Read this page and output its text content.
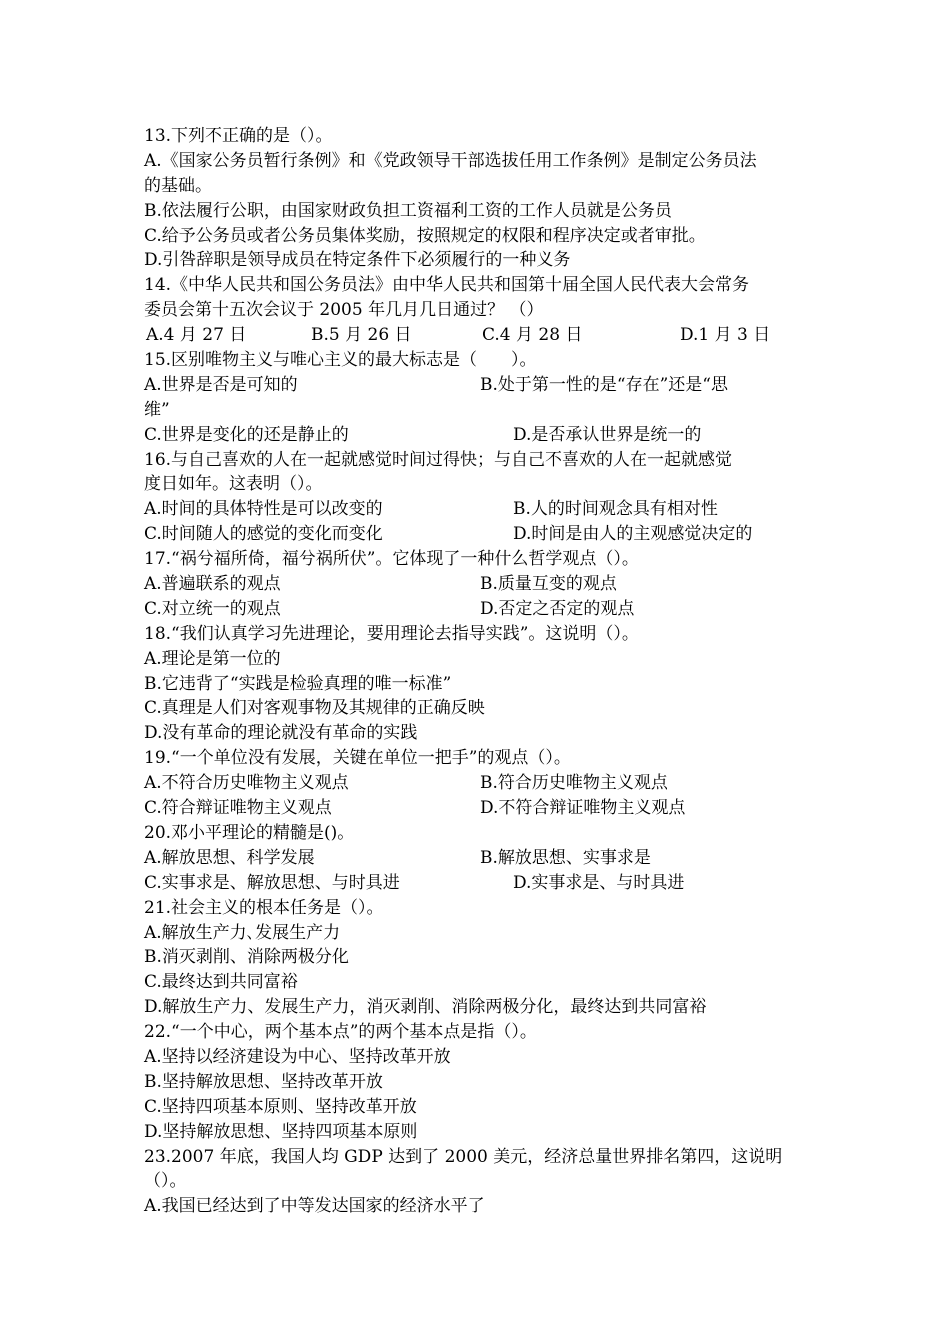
13.下列不正确的是（）。
A.《国家公务员暂行条例》和《党政领导干部选拔任用工作条例》是制定公务员法
的基础。
B.依法履行公职，由国家财政负担工资福利工资的工作人员就是公务员
C.给予公务员或者公务员集体奖励，按照规定的权限和程序决定或者审批。
D.引咎辞职是领导成员在特定条件下必须履行的一种义务
14.《中华人民共和国公务员法》由中华人民共和国第十届全国人民代表大会常务
委员会第十五次会议于 2005 年几月几日通过？ （）
A.4 月 27 日	B.5 月 26 日	C.4 月 28 日	D.1 月 3 日
15.区别唯物主义与唯心主义的最大标志是（　　）。
A.世界是否是可知的	B.处于第一性的是“存在”还是“思
维”
C.世界是变化的还是静止的	D.是否承认世界是统一的
16.与自己喜欢的人在一起就感觉时间过得快；与自己不喜欢的人在一起就感觉
度日如年。这表明（）。
A.时间的具体特性是可以改变的	B.人的时间观念具有相对性
C.时间随人的感觉的变化而变化	D.时间是由人的主观感觉决定的
17.“祸兮福所倚，福兮祸所伏”。它体现了一种什么哲学观点（）。
A.普遍联系的观点	B.质量互变的观点
C.对立统一的观点	D.否定之否定的观点
18.“我们认真学习先进理论，要用理论去指导实践”。这说明（）。
A.理论是第一位的
B.它违背了“实践是检验真理的唯一标准”
C.真理是人们对客观事物及其规律的正确反映
D.没有革命的理论就没有革命的实践
19.“一个单位没有发展，关键在单位一把手”的观点（）。
A.不符合历史唯物主义观点	B.符合历史唯物主义观点
C.符合辩证唯物主义观点	D.不符合辩证唯物主义观点
20.邓小平理论的精髓是()。
A.解放思想、科学发展	B.解放思想、实事求是
C.实事求是、解放思想、与时具进	D.实事求是、与时具进
21.社会主义的根本任务是（）。
A.解放生产力､发展生产力
B.消灭剥削、消除两极分化
C.最终达到共同富裕
D.解放生产力、发展生产力，消灭剥削、消除两极分化，最终达到共同富裕
22.“一个中心，两个基本点”的两个基本点是指（）。
A.坚持以经济建设为中心、坚持改革开放
B.坚持解放思想、坚持改革开放
C.坚持四项基本原则、坚持改革开放
D.坚持解放思想、坚持四项基本原则
23.2007 年底，我国人均 GDP 达到了 2000 美元，经济总量世界排名第四，这说明
（）。
A.我国已经达到了中等发达国家的经济水平了
